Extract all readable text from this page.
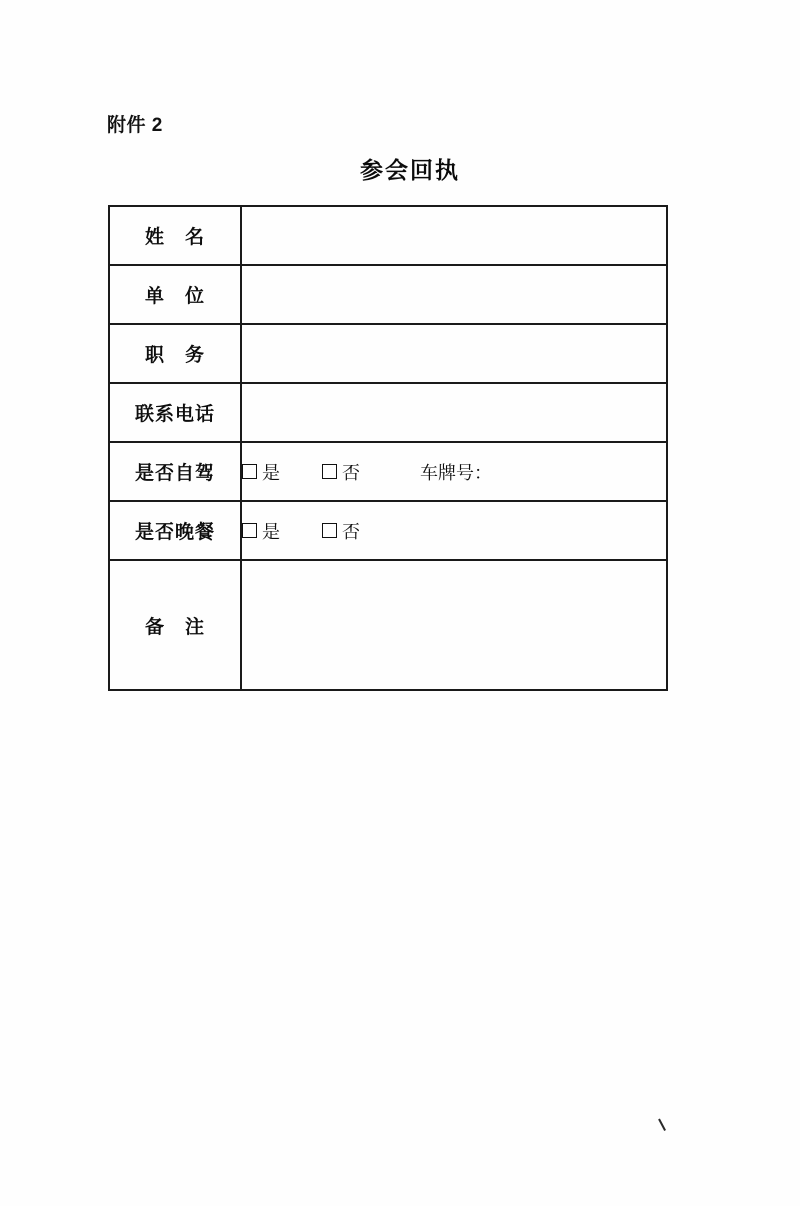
附件 2
参会回执
姓　名	
单　位	
职　务	
联系电话	
是否自驾	是 否 车牌号：

是否晚餐	是 否

备　注	
